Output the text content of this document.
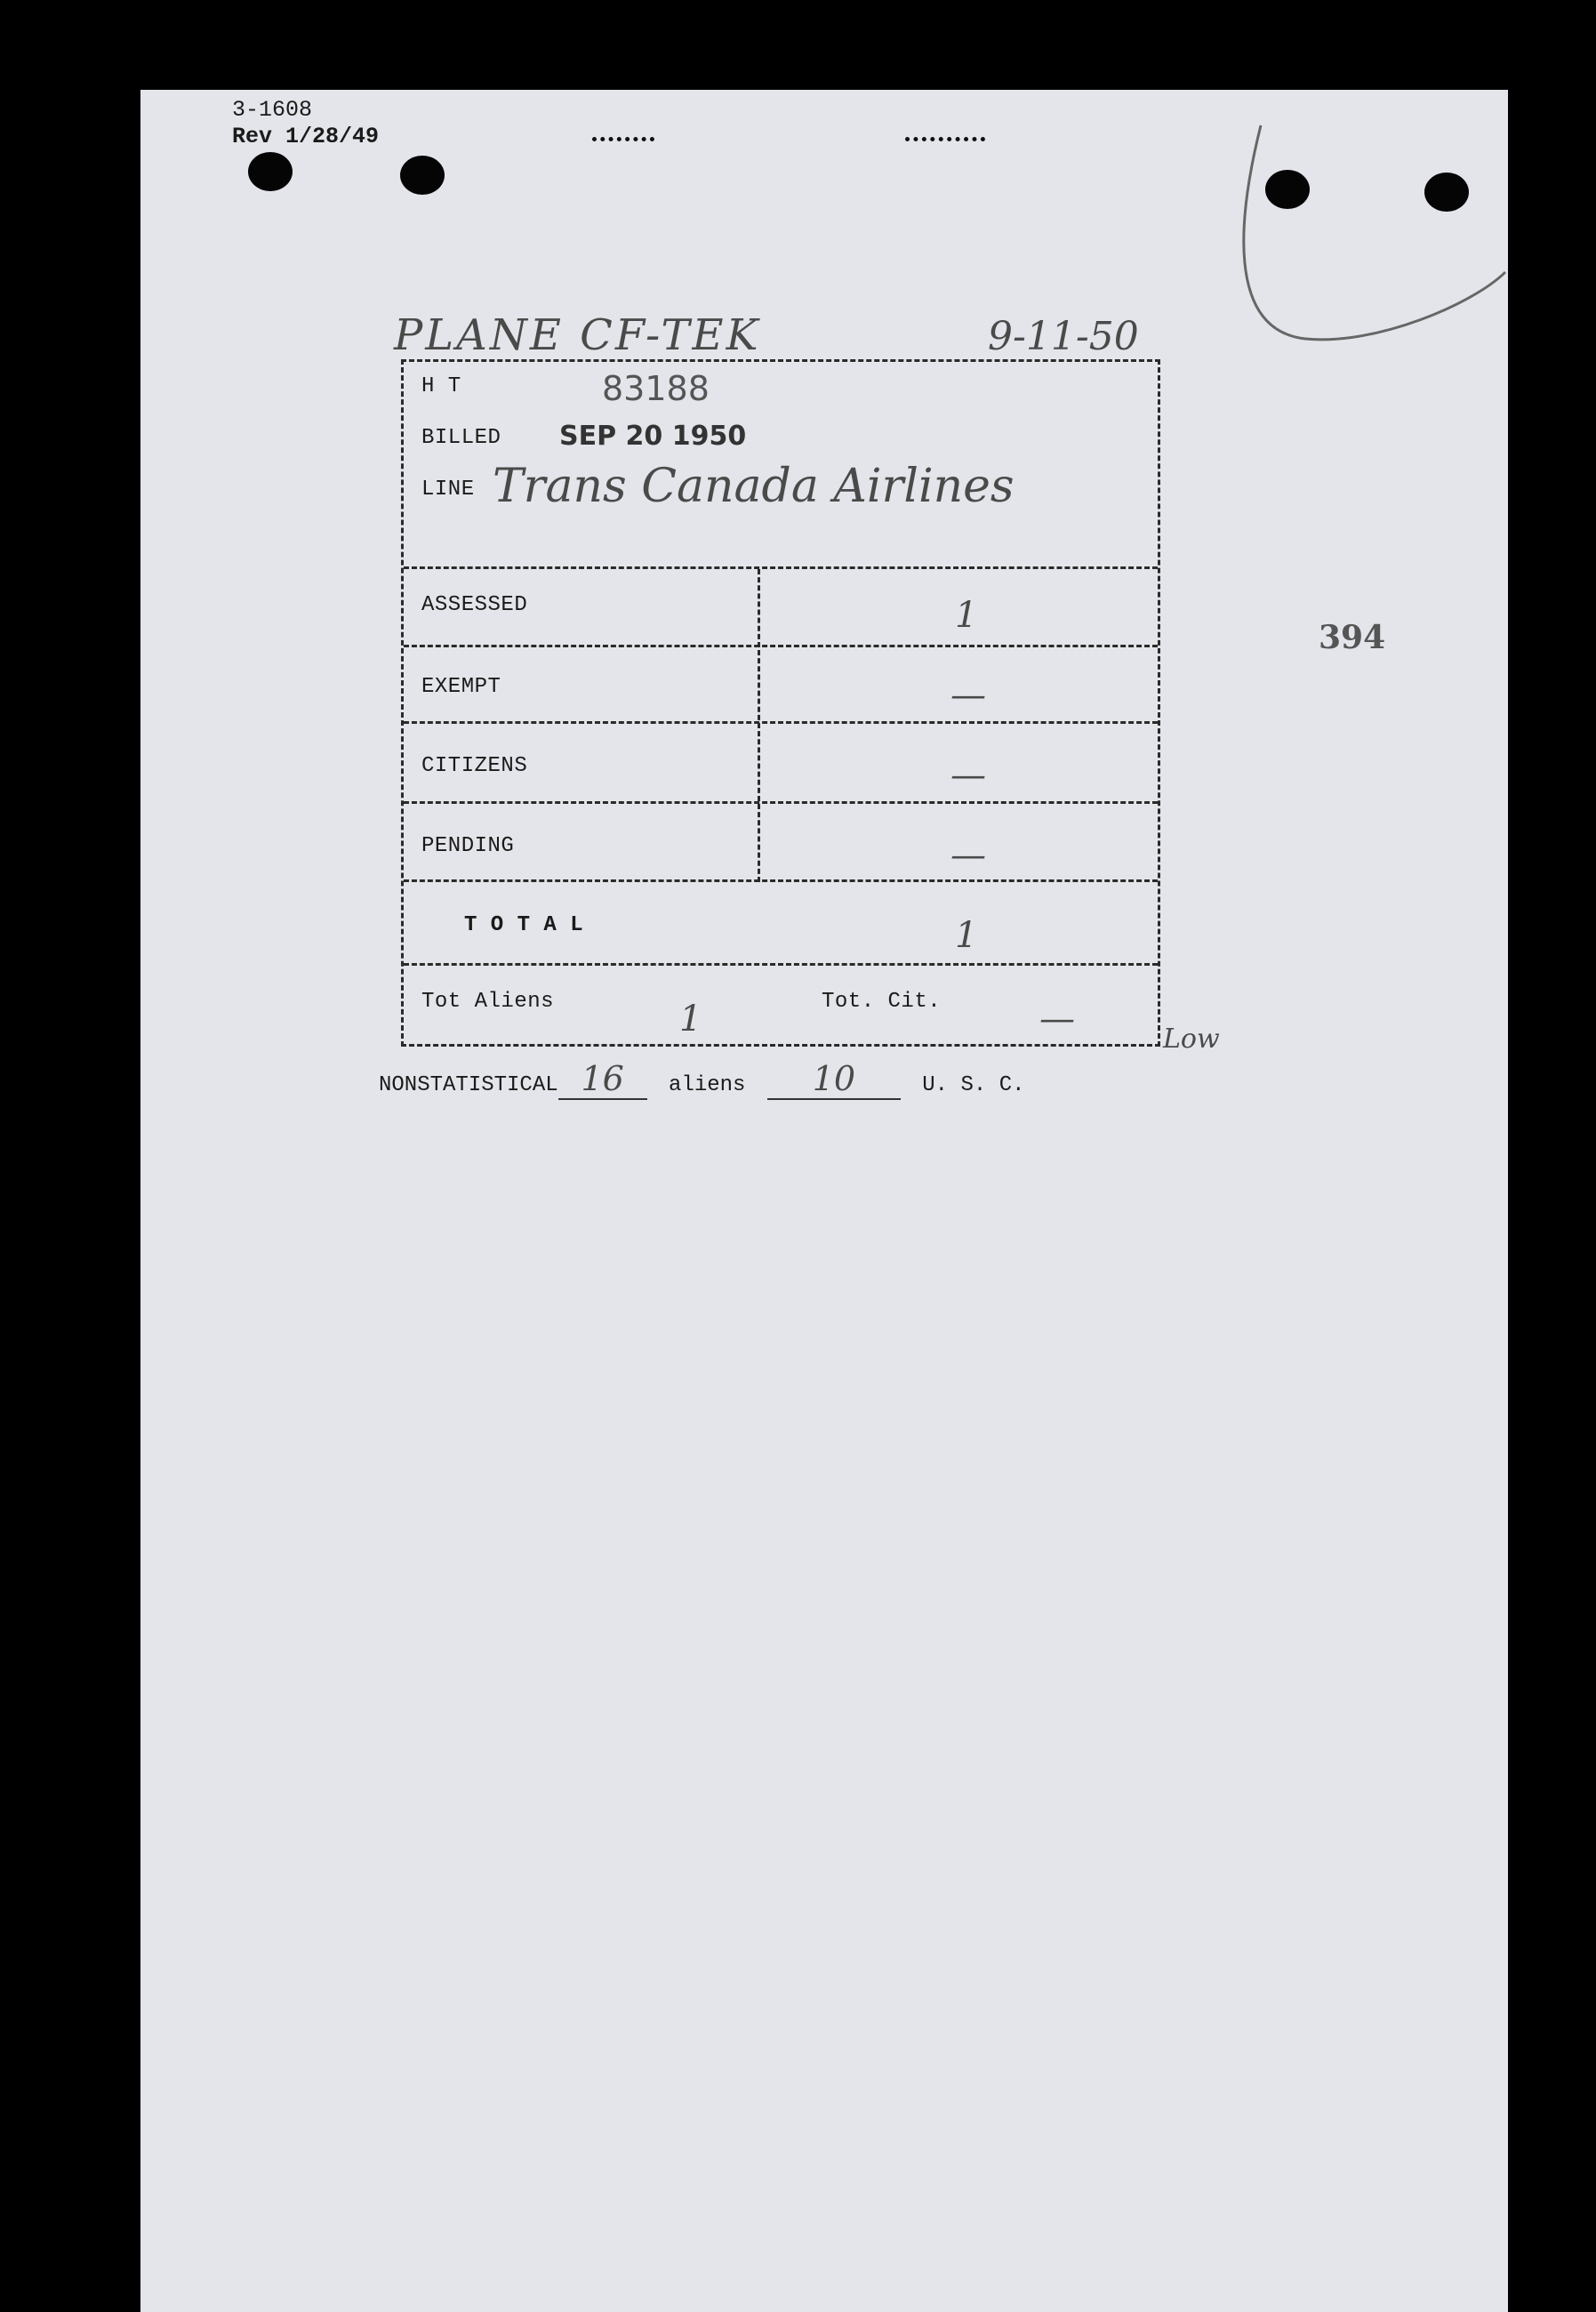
3-1608
Rev 1/28/49
PLANE CF-TEK	9-11-50
394
H T	83188
BILLED SEP 20 1950
LINE Trans Canada Airlines
ASSESSED	1
EXEMPT	—
CITIZENS	—
PENDING	—
T O T A L	1
Tot Aliens	1	Tot. Cit.	—	Low
NONSTATISTICAL 16 aliens 10	U. S. C.
